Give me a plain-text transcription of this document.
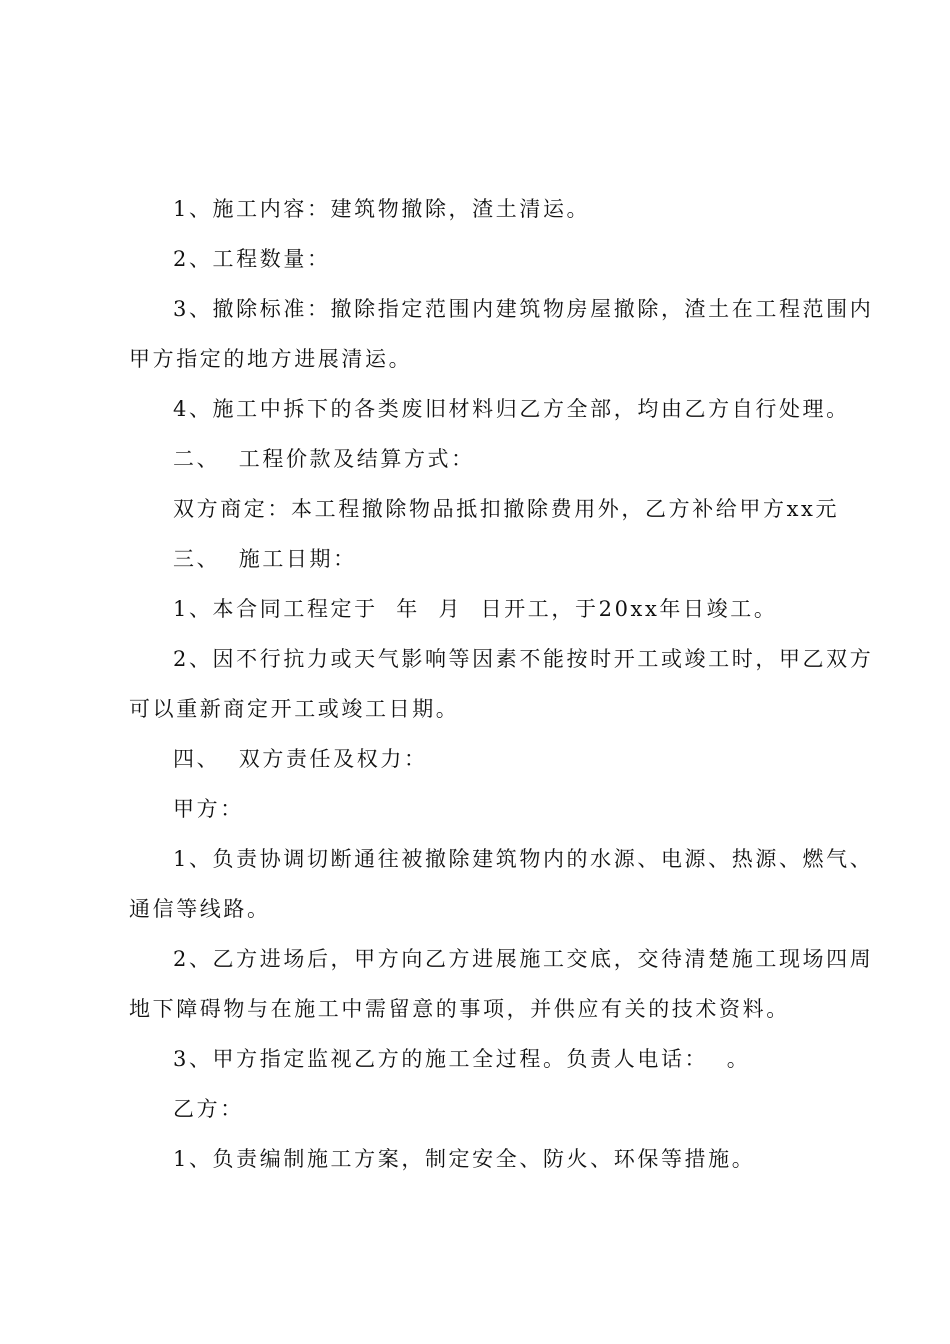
1、施工内容：建筑物撤除，渣土清运。
2、工程数量：
3、撤除标准：撤除指定范围内建筑物房屋撤除，渣土在工程范围内
甲方指定的地方进展清运。
4、施工中拆下的各类废旧材料归乙方全部，均由乙方自行处理。
二、  工程价款及结算方式：
双方商定：本工程撤除物品抵扣撤除费用外，乙方补给甲方xx元
三、  施工日期：
1、本合同工程定于  年  月  日开工，于20xx年日竣工。
2、因不行抗力或天气影响等因素不能按时开工或竣工时，甲乙双方
可以重新商定开工或竣工日期。
四、  双方责任及权力：
甲方：
1、负责协调切断通往被撤除建筑物内的水源、电源、热源、燃气、
通信等线路。
2、乙方进场后，甲方向乙方进展施工交底，交待清楚施工现场四周
地下障碍物与在施工中需留意的事项，并供应有关的技术资料。
3、甲方指定监视乙方的施工全过程。负责人电话：  。
乙方：
1、负责编制施工方案，制定安全、防火、环保等措施。
